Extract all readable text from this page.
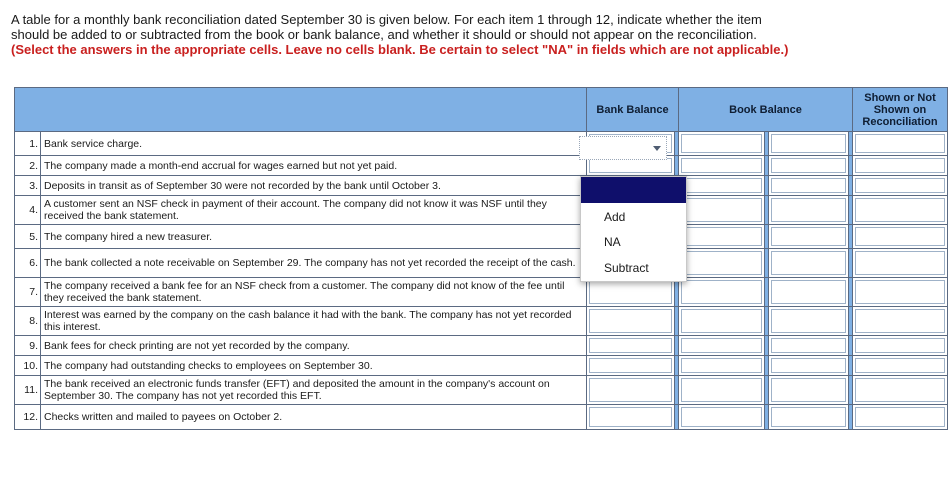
A table for a monthly bank reconciliation dated September 30 is given below. For each item 1 through 12, indicate whether the item
should be added to or subtracted from the book or bank balance, and whether it should or should not appear on the reconciliation.
(Select the answers in the appropriate cells. Leave no cells blank. Be certain to select "NA" in fields which are not applicable.)
		Bank Balance		Book Balance				Shown or Not
Shown on
Reconciliation
1.	Bank service charge.	

2.	The company made a month-end accrual for wages earned but not yet paid.	

3.	Deposits in transit as of September 30 were not recorded by the bank until October 3.	

4.	A customer sent an NSF check in payment of their account. The company did not know it was NSF until they received the bank statement.	

5.	The company hired a new treasurer.	

6.	The bank collected a note receivable on September 29. The company has not yet recorded the receipt of the cash.	

7.	The company received a bank fee for an NSF check from a customer. The company did not know of the fee until they received the bank statement.	

8.	Interest was earned by the company on the cash balance it had with the bank. The company has not yet recorded this interest.	

9.	Bank fees for check printing are not yet recorded by the company.	

10.	The company had outstanding checks to employees on September 30.	

11.	The bank received an electronic funds transfer (EFT) and deposited the amount in the company's account on September 30. The company has not yet recorded this EFT.	

12.	Checks written and mailed to payees on October 2.	

Add
NA
Subtract
